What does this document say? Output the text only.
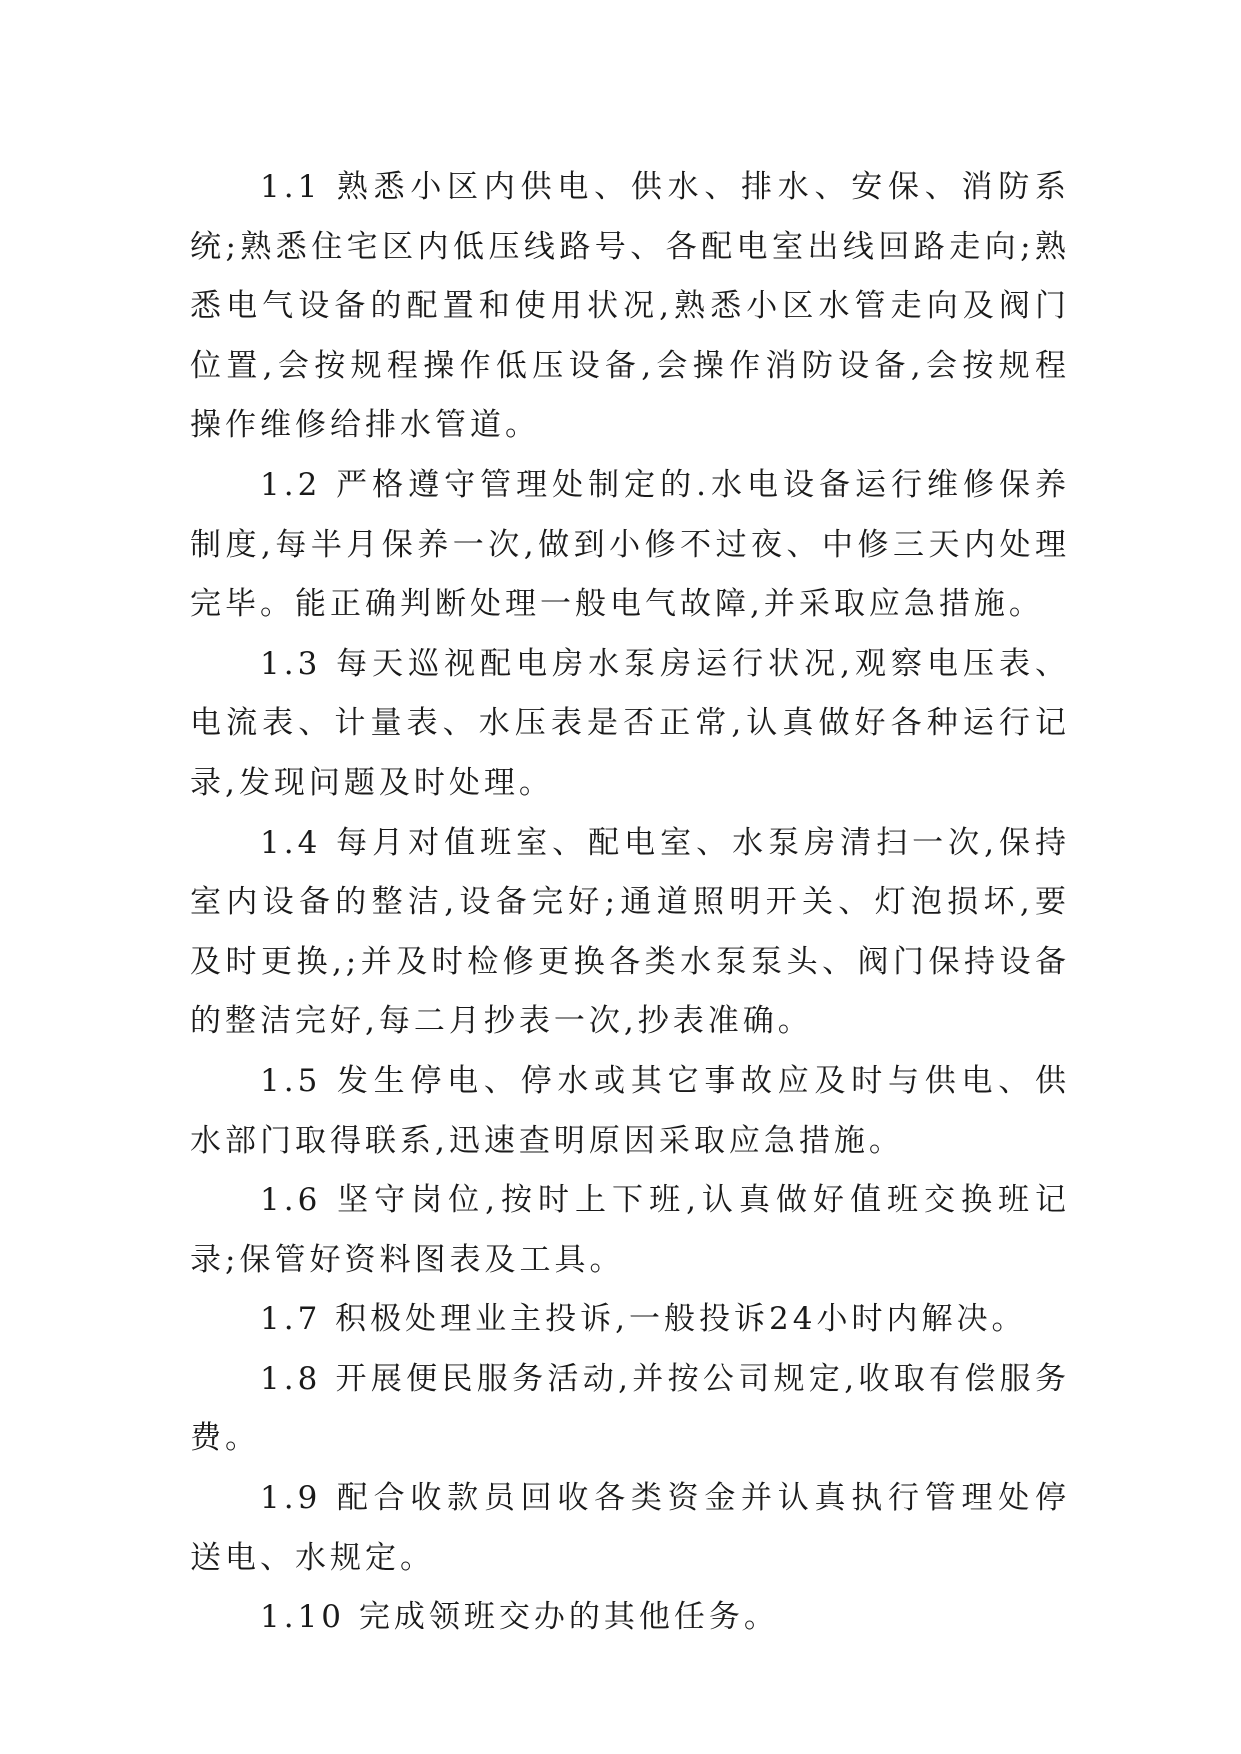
1.1 熟悉小区内供电、供水、排水、安保、消防系统;熟悉住宅区内低压线路号、各配电室出线回路走向;熟悉电气设备的配置和使用状况,熟悉小区水管走向及阀门位置,会按规程操作低压设备,会操作消防设备,会按规程操作维修给排水管道。

1.2 严格遵守管理处制定的.水电设备运行维修保养制度,每半月保养一次,做到小修不过夜、中修三天内处理完毕。能正确判断处理一般电气故障,并采取应急措施。

1.3 每天巡视配电房水泵房运行状况,观察电压表、电流表、计量表、水压表是否正常,认真做好各种运行记录,发现问题及时处理。

1.4 每月对值班室、配电室、水泵房清扫一次,保持室内设备的整洁,设备完好;通道照明开关、灯泡损坏,要及时更换,;并及时检修更换各类水泵泵头、阀门保持设备的整洁完好,每二月抄表一次,抄表准确。

1.5 发生停电、停水或其它事故应及时与供电、供水部门取得联系,迅速查明原因采取应急措施。

1.6 坚守岗位,按时上下班,认真做好值班交换班记录;保管好资料图表及工具。

1.7 积极处理业主投诉,一般投诉24小时内解决。

1.8 开展便民服务活动,并按公司规定,收取有偿服务费。

1.9 配合收款员回收各类资金并认真执行管理处停送电、水规定。

1.10 完成领班交办的其他任务。
